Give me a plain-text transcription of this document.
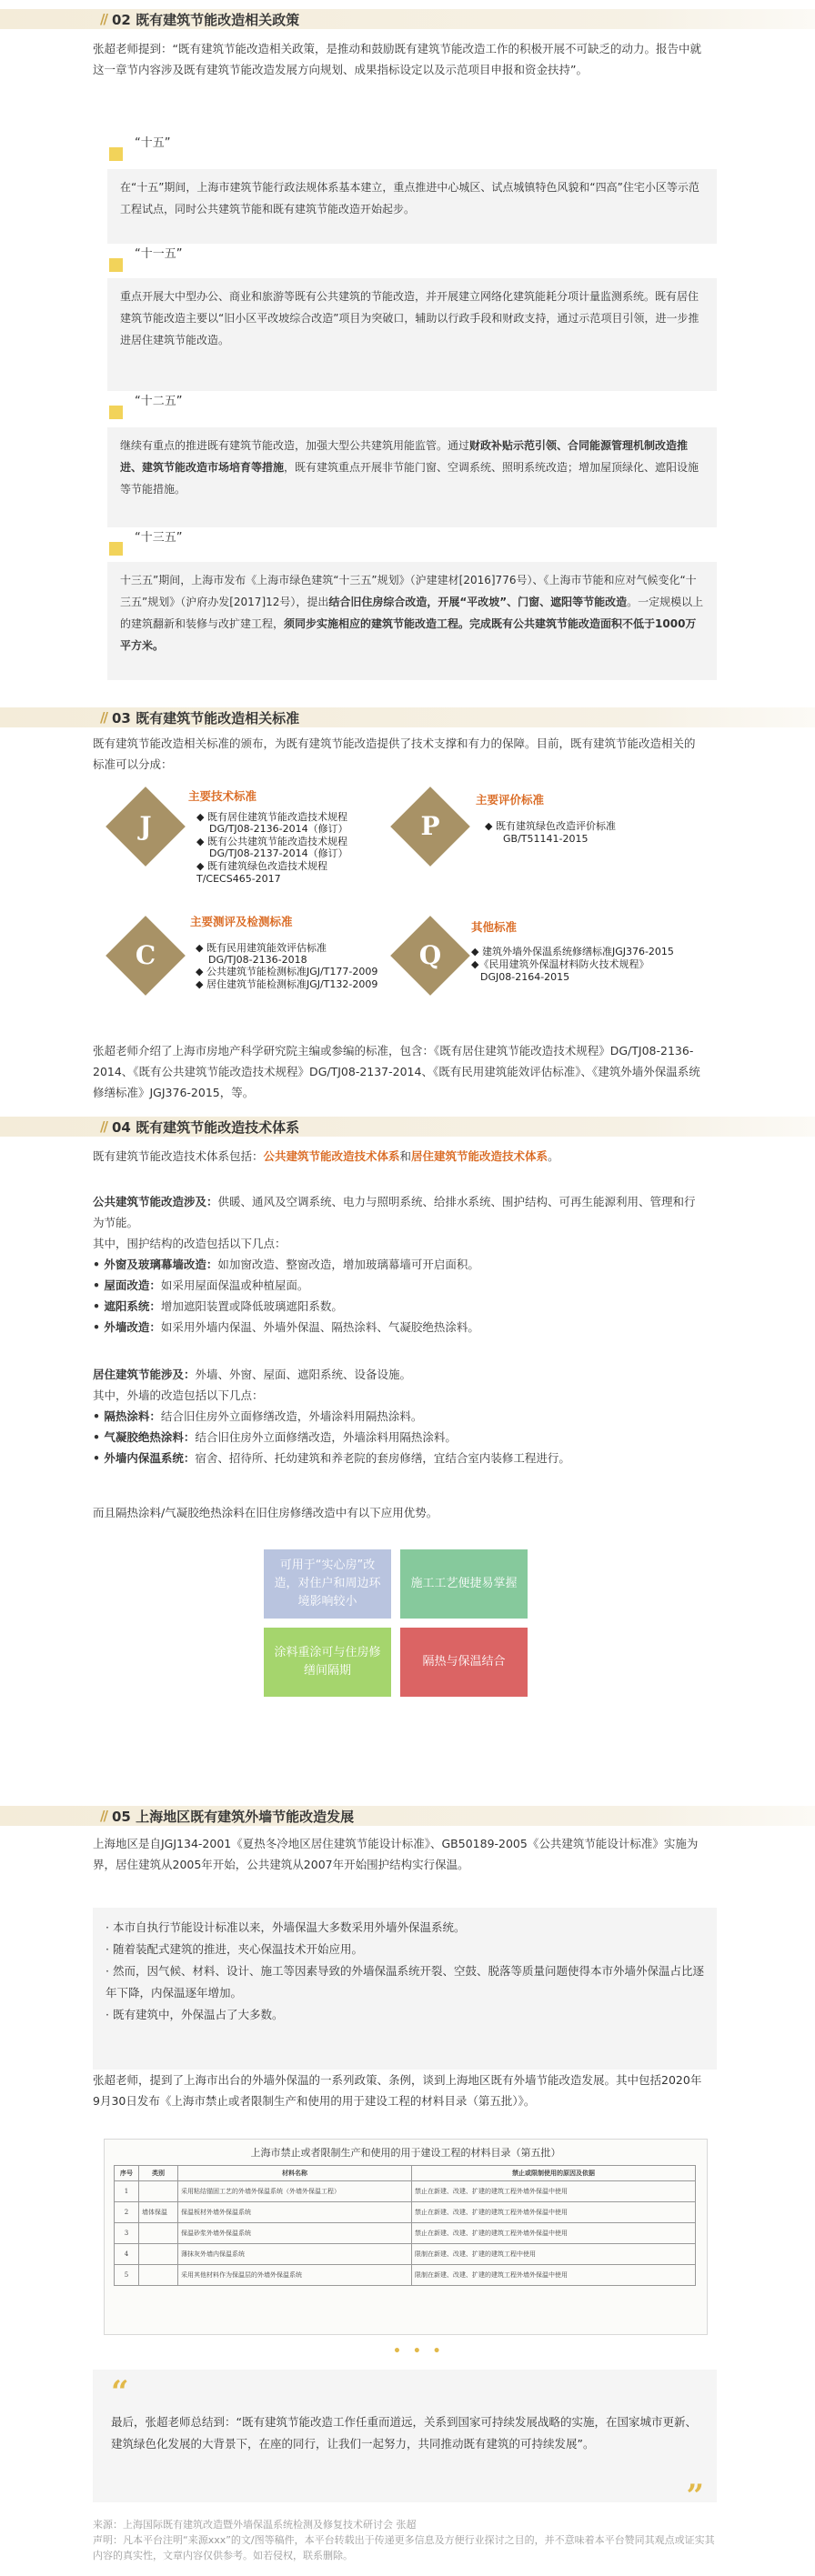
// 02 既有建筑节能改造相关政策
张超老师提到：“既有建筑节能改造相关政策，是推动和鼓励既有建筑节能改造工作的积极开展不可缺乏的动力。报告中就这一章节内容涉及既有建筑节能改造发展方向规划、成果指标设定以及示范项目申报和资金扶持”。
“十五”
在“十五”期间，上海市建筑节能行政法规体系基本建立，重点推进中心城区、试点城镇特色风貌和“四高”住宅小区等示范工程试点，同时公共建筑节能和既有建筑节能改造开始起步。
“十一五”
重点开展大中型办公、商业和旅游等既有公共建筑的节能改造，并开展建立网络化建筑能耗分项计量监测系统。既有居住建筑节能改造主要以“旧小区平改坡综合改造”项目为突破口，辅助以行政手段和财政支持，通过示范项目引领，进一步推进居住建筑节能改造。
“十二五”
继续有重点的推进既有建筑节能改造，加强大型公共建筑用能监管。通过财政补贴示范引领、合同能源管理机制改造推进、建筑节能改造市场培育等措施，既有建筑重点开展非节能门窗、空调系统、照明系统改造；增加屋顶绿化、遮阳设施等节能措施。
“十三五”
十三五”期间，上海市发布《上海市绿色建筑“十三五”规划》（沪建建材[2016]776号）、《上海市节能和应对气候变化“十三五”规划》（沪府办发[2017]12号），提出结合旧住房综合改造，开展“平改坡”、门窗、遮阳等节能改造。一定规模以上的建筑翻新和装修与改扩建工程，须同步实施相应的建筑节能改造工程。完成既有公共建筑节能改造面积不低于1000万平方米。
// 03 既有建筑节能改造相关标准
既有建筑节能改造相关标准的颁布，为既有建筑节能改造提供了技术支撑和有力的保障。目前，既有建筑节能改造相关的标准可以分成：
J
主要技术标准
◆ 既有居住建筑节能改造技术规程
DG/TJ08-2136-2014（修订）
◆ 既有公共建筑节能改造技术规程
DG/TJ08-2137-2014（修订）
◆ 既有建筑绿色改造技术规程
T/CECS465-2017
P
主要评价标准
◆ 既有建筑绿色改造评价标准
GB/T51141-2015
C
主要测评及检测标准
◆ 既有民用建筑能效评估标准
DG/TJ08-2136-2018
◆ 公共建筑节能检测标准JGJ/T177-2009
◆ 居住建筑节能检测标准JGJ/T132-2009
Q
其他标准
◆ 建筑外墙外保温系统修缮标准JGJ376-2015
◆《民用建筑外保温材料防火技术规程》
DGJ08-2164-2015
张超老师介绍了上海市房地产科学研究院主编或参编的标准，包含：《既有居住建筑节能改造技术规程》DG/TJ08-2136-2014、《既有公共建筑节能改造技术规程》DG/TJ08-2137-2014、《既有民用建筑能效评估标准》、《建筑外墙外保温系统修缮标准》JGJ376-2015，等。
// 04 既有建筑节能改造技术体系
既有建筑节能改造技术体系包括：公共建筑节能改造技术体系和居住建筑节能改造技术体系。
公共建筑节能改造涉及：供暖、通风及空调系统、电力与照明系统、给排水系统、围护结构、可再生能源利用、管理和行为节能。
其中，围护结构的改造包括以下几点：
• 外窗及玻璃幕墙改造：如加窗改造、整窗改造，增加玻璃幕墙可开启面积。
• 屋面改造：如采用屋面保温或种植屋面。
• 遮阳系统：增加遮阳装置或降低玻璃遮阳系数。
• 外墙改造：如采用外墙内保温、外墙外保温、隔热涂料、气凝胶绝热涂料。
居住建筑节能涉及：外墙、外窗、屋面、遮阳系统、设备设施。
其中，外墙的改造包括以下几点：
• 隔热涂料：结合旧住房外立面修缮改造，外墙涂料用隔热涂料。
• 气凝胶绝热涂料：结合旧住房外立面修缮改造，外墙涂料用隔热涂料。
• 外墙内保温系统：宿舍、招待所、托幼建筑和养老院的套房修缮，宜结合室内装修工程进行。
而且隔热涂料/气凝胶绝热涂料在旧住房修缮改造中有以下应用优势。
可用于“实心房”改造，对住户和周边环境影响较小
施工工艺便捷易掌握
涂料重涂可与住房修缮间隔期
隔热与保温结合
// 05 上海地区既有建筑外墙节能改造发展
上海地区是自JGJ134-2001《夏热冬冷地区居住建筑节能设计标准》、GB50189-2005《公共建筑节能设计标准》实施为界，居住建筑从2005年开始，公共建筑从2007年开始围护结构实行保温。
· 本市自执行节能设计标准以来，外墙保温大多数采用外墙外保温系统。
· 随着装配式建筑的推进，夹心保温技术开始应用。
· 然而，因气候、材料、设计、施工等因素导致的外墙保温系统开裂、空鼓、脱落等质量问题使得本市外墙外保温占比逐年下降，内保温逐年增加。
· 既有建筑中，外保温占了大多数。
张超老师，提到了上海市出台的外墙外保温的一系列政策、条例，谈到上海地区既有外墙节能改造发展。其中包括2020年9月30日发布《上海市禁止或者限制生产和使用的用于建设工程的材料目录（第五批）》。
上海市禁止或者限制生产和使用的用于建设工程的材料目录（第五批）
序号	类别	材料名称	禁止或限制使用的原因及依据
1		采用粘结锚固工艺的外墙外保温系统（外墙外保温工程）	禁止在新建、改建、扩建的建筑工程外墙外保温中使用
2	墙体保温	保温板材外墙外保温系统	禁止在新建、改建、扩建的建筑工程外墙外保温中使用
3		保温砂浆外墙外保温系统	禁止在新建、改建、扩建的建筑工程外墙外保温中使用
4		薄抹灰外墙内保温系统	限制在新建、改建、扩建的建筑工程中使用
5		采用其他材料作为保温层的外墙外保温系统	限制在新建、改建、扩建的建筑工程外墙外保温中使用
• • •
“
最后，张超老师总结到：“既有建筑节能改造工作任重而道远，关系到国家可持续发展战略的实施，在国家城市更新、建筑绿色化发展的大背景下，在座的同行，让我们一起努力，共同推动既有建筑的可持续发展”。
”
来源：上海国际既有建筑改造暨外墙保温系统检测及修复技术研讨会 张超
声明：凡本平台注明“来源xxx”的文/图等稿件，本平台转载出于传递更多信息及方便行业探讨之目的，并不意味着本平台赞同其观点或证实其内容的真实性，文章内容仅供参考。如若侵权，联系删除。
